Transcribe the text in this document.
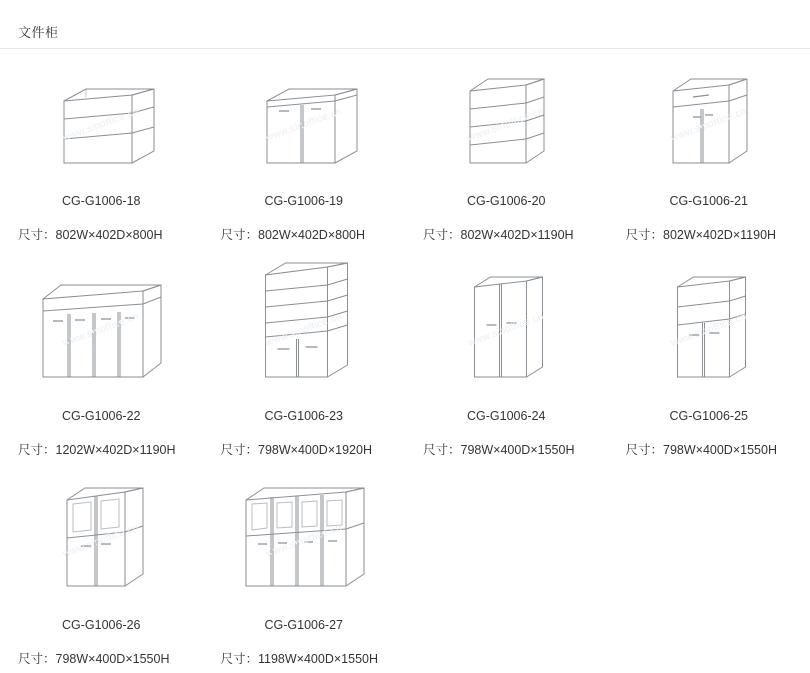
文件柜
www.sinoffice.cn
CG-G1006-18
尺寸：802W×402D×800H
www.sinoffice.cn
CG-G1006-19
尺寸：802W×402D×800H
www.sinoffice.cn
CG-G1006-20
尺寸：802W×402D×1190H
www.sinoffice.cn
CG-G1006-21
尺寸：802W×402D×1190H
www.sinoffice.cn
CG-G1006-22
尺寸：1202W×402D×1190H
www.sinoffice.cn
CG-G1006-23
尺寸：798W×400D×1920H
www.sinoffice.cn
CG-G1006-24
尺寸：798W×400D×1550H
www.sinoffice.cn
CG-G1006-25
尺寸：798W×400D×1550H
www.sinoffice.cn
CG-G1006-26
尺寸：798W×400D×1550H
www.sinoffice.cn
CG-G1006-27
尺寸：1198W×400D×1550H
